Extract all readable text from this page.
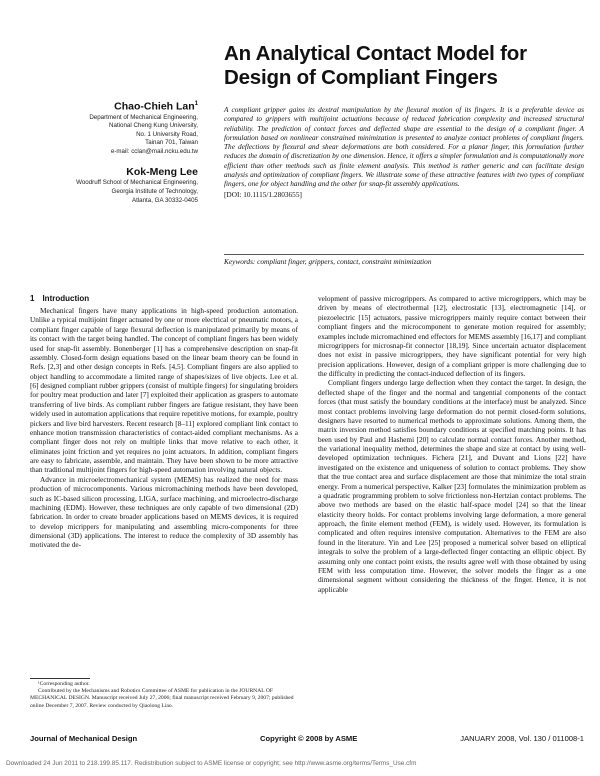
An Analytical Contact Model for Design of Compliant Fingers
Chao-Chieh Lan$^1$
Department of Mechanical Engineering,
National Cheng Kung University,
No. 1 University Road,
Tainan 701, Taiwan
e-mail: cclan@mail.ncku.edu.tw
Kok-Meng Lee
Woodruff School of Mechanical Engineering,
Georgia Institute of Technology,
Atlanta, GA 30332-0405
A compliant gripper gains its dextral manipulation by the flexural motion of its fingers. It is a preferable device as compared to grippers with multijoint actuations because of reduced fabrication complexity and increased structural reliability. The prediction of contact forces and deflected shape are essential to the design of a compliant finger. A formulation based on nonlinear constrained minimization is presented to analyze contact problems of compliant fingers. The deflections by flexural and shear deformations are both considered. For a planar finger, this formulation further reduces the domain of discretization by one dimension. Hence, it offers a simpler formulation and is computationally more efficient than other methods such as finite element analysis. This method is rather generic and can facilitate design analysis and optimization of compliant fingers. We illustrate some of these attractive features with two types of compliant fingers, one for object handling and the other for snap-fit assembly applications.
[DOI: 10.1115/1.2803655]
Keywords: compliant finger, grippers, contact, constraint minimization
1 Introduction

Mechanical fingers have many applications in high-speed production automation. Unlike a typical multijoint finger actuated by one or more electrical or pneumatic motors, a compliant finger capable of large flexural deflection is manipulated primarily by means of its contact with the target being handled. The concept of compliant fingers has been widely used for snap-fit assembly. Bonenberger [1] has a comprehensive description on snap-fit assembly. Closed-form design equations based on the linear beam theory can be found in Refs. [2,3] and other design concepts in Refs. [4,5]. Compliant fingers are also applied to object handling to accommodate a limited range of shapes/sizes of live objects. Lee et al. [6] designed compliant rubber grippers (consist of multiple fingers) for singulating broiders for poultry meat production and later [7] exploited their application as graspers to automate transferring of live birds. As compliant rubber fingers are fatigue resistant, they have been widely used in automation applications that require repetitive motions, for example, poultry pickers and live bird harvesters. Recent research [8–11] explored compliant link contact to enhance motion transmission characteristics of contact-aided compliant mechanisms. As a compliant finger does not rely on multiple links that move relative to each other, it eliminates joint friction and yet requires no joint actuators. In addition, compliant fingers are easy to fabricate, assemble, and maintain. They have been shown to be more attractive than traditional multijoint fingers for high-speed automation involving natural objects.

Advance in microelectromechanical system (MEMS) has realized the need for mass production of microcomponents. Various micromachining methods have been developed, such as IC-based silicon processing, LIGA, surface machining, and microelectro-discharge machining (EDM). However, these techniques are only capable of two dimensional (2D) fabrication. In order to create broader applications based on MEMS devices, it is required to develop micrippers for manipulating and assembling micro-components for three dimensional (3D) applications. The interest to reduce the complexity of 3D assembly has motivated the de-

velopment of passive microgrippers. As compared to active microgrippers, which may be driven by means of electrothermal [12], electrostatic [13], electromagnetic [14], or piezoelectric [15] actuators, passive microgrippers mainly require contact between their compliant fingers and the microcomponent to generate motion required for assembly; examples include micromachined end effectors for MEMS assembly [16,17] and compliant microgrippers for microsnap-fit connector [18,19]. Since uncertain actuator displacement does not exist in passive microgrippers, they have significant potential for very high precision applications. However, design of a compliant gripper is more challenging due to the difficulty in predicting the contact-induced deflection of its fingers.

Compliant fingers undergo large deflection when they contact the target. In design, the deflected shape of the finger and the normal and tangential components of the contact forces (that must satisfy the boundary conditions at the interface) must be analyzed. Since most contact problems involving large deformation do not permit closed-form solutions, designers have resorted to numerical methods to approximate solutions. Among them, the matrix inversion method satisfies boundary conditions at specified matching points. It has been used by Paul and Hashemi [20] to calculate normal contact forces. Another method, the variational inequality method, determines the shape and size at contact by using well-developed optimization techniques. Fichera [21], and Duvant and Lions [22] have investigated on the existence and uniqueness of solution to contact problems. They show that the true contact area and surface displacement are those that minimize the total strain energy. From a numerical perspective, Kalker [23] formulates the minimization problem as a quadratic programming problem to solve frictionless non-Hertzian contact problems. The above two methods are based on the elastic half-space model [24] so that the linear elasticity theory holds. For contact problems involving large deformation, a more general approach, the finite element method (FEM), is widely used. However, its formulation is complicated and often requires intensive computation. Alternatives to the FEM are also found in the literature. Yin and Lee [25] proposed a numerical solver based on elliptical integrals to solve the problem of a large-deflected finger contacting an elliptic object. By assuming only one contact point exists, the results agree well with those obtained by using FEM with less computation time. However, the solver models the finger as a one dimensional segment without considering the thickness of the finger. Hence, it is not applicable

¹Corresponding author.

Contributed by the Mechanisms and Robotics Committee of ASME for publication in the JOURNAL OF MECHANICAL DESIGN. Manuscript received July 27, 2006; final manuscript received February 9, 2007; published online December 7, 2007. Review conducted by Qiaolong Liao.

Journal of Mechanical Design	Copyright © 2008 by ASME	JANUARY 2008, Vol. 130 / 011008-1
Downloaded 24 Jun 2011 to 218.199.85.117. Redistribution subject to ASME license or copyright; see http://www.asme.org/terms/Terms_Use.cfm
